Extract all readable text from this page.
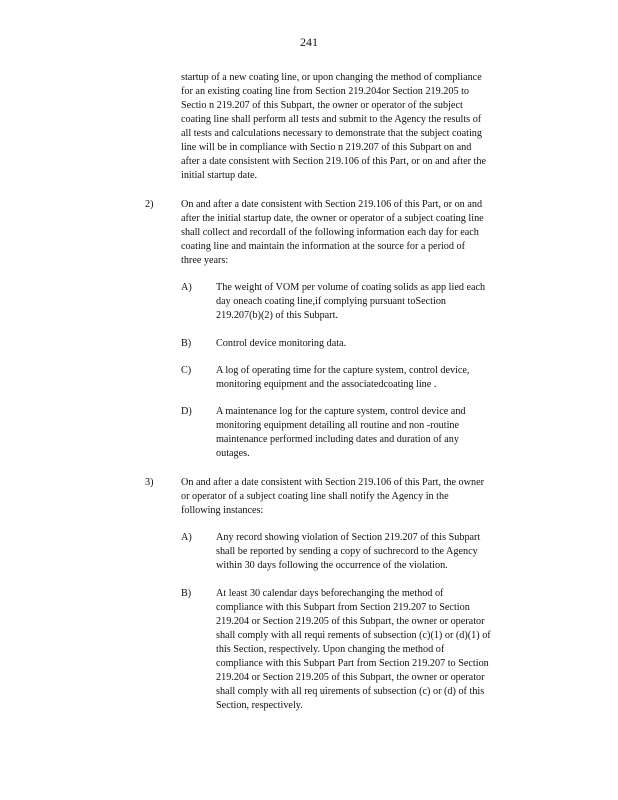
241

startup of a new coating line, or upon changing the method of compliance

for an existing coating line from Section 219.204or Section 219.205 to

Sectio n 219.207 of this Subpart, the owner or operator of the subject

coating line shall perform all tests and submit to the Agency the results of

all tests and calculations necessary to demonstrate that the subject coating

line will be in compliance with Sectio n 219.207 of this Subpart on and

after a date consistent with Section 219.106 of this Part, or on and after the

initial startup date.

2)	On and after a date consistent with Section 219.106 of this Part, or on and

after the initial startup date, the owner or operator of a subject coating line

shall collect and recordall of the following information each day for each

coating line and maintain the information at the source for a period of

three years:

A) The weight of VOM per volume of coating solids as app lied each

day oneach coating line,if complying pursuant toSection

219.207(b)(2) of this Subpart.

B) Control device monitoring data.

C) A log of operating time for the capture system, control device,

monitoring equipment and the associatedcoating line .

D) A maintenance log for the capture system, control device and

monitoring equipment detailing all routine and non -routine

maintenance performed including dates and duration of any

outages.

3)	On and after a date consistent with Section 219.106 of this Part, the owner

or operator of a subject coating line shall notify the Agency in the

following instances:

A) Any record showing violation of Section 219.207 of this Subpart

shall be reported by sending a copy of suchrecord to the Agency

within 30 days following the occurrence of the violation.

B) At least 30 calendar days beforechanging the method of

compliance with this Subpart from Section 219.207 to Section

219.204 or Section 219.205 of this Subpart, the owner or operator

shall comply with all requi rements of subsection (c)(1) or (d)(1) of

this Section, respectively. Upon changing the method of

compliance with this Subpart Part from Section 219.207 to Section

219.204 or Section 219.205 of this Subpart, the owner or operator

shall comply with all req uirements of subsection (c) or (d) of this

Section, respectively.
